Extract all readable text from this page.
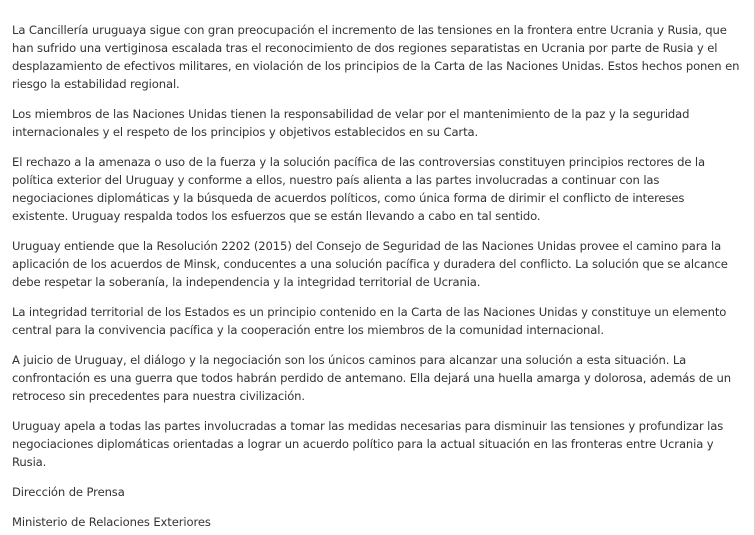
La Cancillería uruguaya sigue con gran preocupación el incremento de las tensiones en la frontera entre Ucrania y Rusia, que han sufrido una vertiginosa escalada tras el reconocimiento de dos regiones separatistas en Ucrania por parte de Rusia y el desplazamiento de efectivos militares, en violación de los principios de la Carta de las Naciones Unidas. Estos hechos ponen en riesgo la estabilidad regional.

Los miembros de las Naciones Unidas tienen la responsabilidad de velar por el mantenimiento de la paz y la seguridad internacionales y el respeto de los principios y objetivos establecidos en su Carta.

El rechazo a la amenaza o uso de la fuerza y la solución pacífica de las controversias constituyen principios rectores de la política exterior del Uruguay y conforme a ellos, nuestro país alienta a las partes involucradas a continuar con las negociaciones diplomáticas y la búsqueda de acuerdos políticos, como única forma de dirimir el conflicto de intereses existente. Uruguay respalda todos los esfuerzos que se están llevando a cabo en tal sentido.

Uruguay entiende que la Resolución 2202 (2015) del Consejo de Seguridad de las Naciones Unidas provee el camino para la aplicación de los acuerdos de Minsk, conducentes a una solución pacífica y duradera del conflicto. La solución que se alcance debe respetar la soberanía, la independencia y la integridad territorial de Ucrania.

La integridad territorial de los Estados es un principio contenido en la Carta de las Naciones Unidas y constituye un elemento central para la convivencia pacífica y la cooperación entre los miembros de la comunidad internacional.

A juicio de Uruguay, el diálogo y la negociación son los únicos caminos para alcanzar una solución a esta situación. La confrontación es una guerra que todos habrán perdido de antemano. Ella dejará una huella amarga y dolorosa, además de un retroceso sin precedentes para nuestra civilización.

Uruguay apela a todas las partes involucradas a tomar las medidas necesarias para disminuir las tensiones y profundizar las negociaciones diplomáticas orientadas a lograr un acuerdo político para la actual situación en las fronteras entre Ucrania y Rusia.

Dirección de Prensa

Ministerio de Relaciones Exteriores
